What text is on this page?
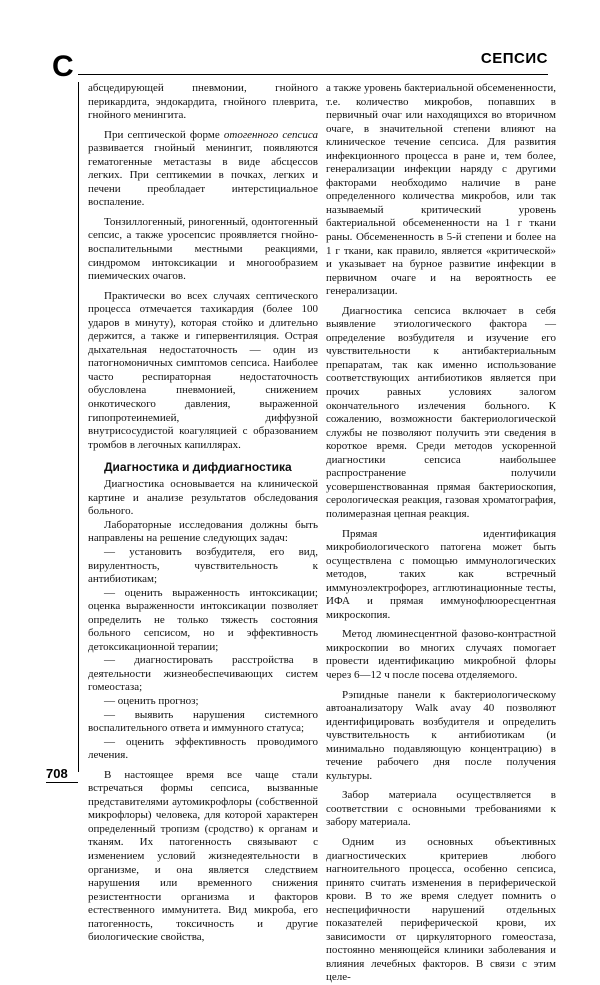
С	СЕПСИС

абсцедирующей пневмонии, гнойного перикардита, эндокардита, гнойного плеврита, гнойного менингита.

При септической форме отогенного сепсиса развивается гнойный менингит, появляются гематогенные метастазы в виде абсцессов легких. При септикемии в почках, легких и печени преобладает интерстициальное воспаление.

Тонзиллогенный, риногенный, одонтогенный сепсис, а также уросепсис проявляется гнойно-воспалительными местными реакциями, синдромом интоксикации и многообразием пиемических очагов.

Практически во всех случаях септического процесса отмечается тахикардия (более 100 ударов в минуту), которая стойко и длительно держится, а также и гипервентиляция. Острая дыхательная недостаточность — один из патогномоничных симптомов сепсиса. Наиболее часто респираторная недостаточность обусловлена пневмонией, снижением онкотического давления, выраженной гипопротеинемией, диффузной внутрисосудистой коагуляцией с образованием тромбов в легочных капиллярах.

Диагностика и дифдиагностика

Диагностика основывается на клинической картине и анализе результатов обследования больного.

Лабораторные исследования должны быть направлены на решение следующих задач:

— установить возбудителя, его вид, вирулентность, чувствительность к антибиотикам;

— оценить выраженность интоксикации; оценка выраженности интоксикации позволяет определить не только тяжесть состояния больного сепсисом, но и эффективность детоксикационной терапии;

— диагностировать расстройства в деятельности жизнеобеспечивающих систем гомеостаза;

— оценить прогноз;

— выявить нарушения системного воспалительного ответа и иммунного статуса;

— оценить эффективность проводимого лечения.

В настоящее время все чаще стали встречаться формы сепсиса, вызванные представителями аутомикрофлоры (собственной микрофлоры) человека, для которой характерен определенный тропизм (сродство) к органам и тканям. Их патогенность связывают с изменением условий жизнедеятельности в организме, и она является следствием нарушения или временного снижения резистентности организма и факторов естественного иммунитета. Вид микроба, его патогенность, токсичность и другие биологические свойства,

а также уровень бактериальной обсемененности, т.е. количество микробов, попавших в первичный очаг или находящихся во вторичном очаге, в значительной степени влияют на клиническое течение сепсиса. Для развития инфекционного процесса в ране и, тем более, генерализации инфекции наряду с другими факторами необходимо наличие в ране определенного количества микробов, или так называемый критический уровень бактериальной обсемененности на 1 г ткани раны. Обсемененность в 5-й степени и более на 1 г ткани, как правило, является «критической» и указывает на бурное развитие инфекции в первичном очаге и на вероятность ее генерализации.

Диагностика сепсиса включает в себя выявление этиологического фактора — определение возбудителя и изучение его чувствительности к антибактериальным препаратам, так как именно использование соответствующих антибиотиков является при прочих равных условиях залогом окончательного излечения больного. К сожалению, возможности бактериологической службы не позволяют получить эти сведения в короткое время. Среди методов ускоренной диагностики сепсиса наибольшее распространение получили усовершенствованная прямая бактериоскопия, серологическая реакция, газовая хроматография, полимеразная цепная реакция.

Прямая идентификация микробиологического патогена может быть осуществлена с помощью иммунологических методов, таких как встречный иммуноэлектрофорез, агглютинационные тесты, ИФА и прямая иммунофлюоресцентная микроскопия.

Метод люминесцентной фазово-контрастной микроскопии во многих случаях помогает провести идентификацию микробной флоры через 6—12 ч после посева отделяемого.

Рэпидные панели к бактериологическому автоанализатору Walk avay 40 позволяют идентифицировать возбудителя и определить чувствительность к антибиотикам (и минимально подавляющую концентрацию) в течение рабочего дня после получения культуры.

Забор материала осуществляется в соответствии с основными требованиями к забору материала.

Одним из основных объективных диагностических критериев любого нагноительного процесса, особенно сепсиса, принято считать изменения в периферической крови. В то же время следует помнить о неспецифичности нарушений отдельных показателей периферической крови, их зависимости от циркуляторного гомеостаза, постоянно меняющейся клиники заболевания и влияния лечебных факторов. В связи с этим целе-

708
